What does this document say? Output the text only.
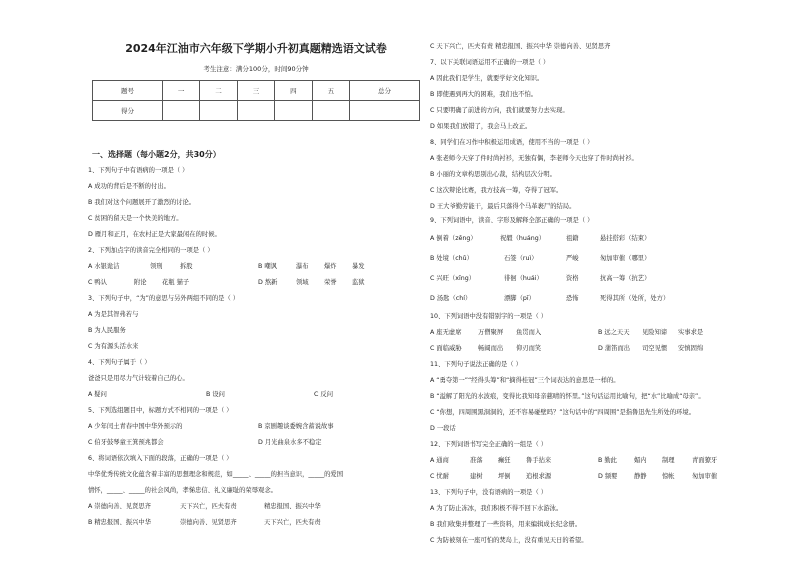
2024年江油市六年级下学期小升初真题精选语文试卷
考生注意：满分100分，时间90分钟
题号	一	二	三	四	五	总分
得分						
一、选择题（每小题2分，共30分）
1、下列句子中有语病的一项是（ ）
A 成功的背后是不断的付出。
B 我们对这个问题展开了激烈的讨论。
C 贫困的留天是一个快美的地方。
D 雁月和正月，在农村正是大家最闲在的时候。
2、下列加点字的读音完全相同的一项是（ ）
A 水银诡洁	领刑	拆股	B 嘲讽	瀑布 爆炸 暴发
C 鸭认	附论 花瓶 猫子	D 熬新	领域 荣誉 监狱
3、下列句子中，“为”的意思与另外两组不同的是（ ）
A 为是其智弗若与
B 为人民服务
C 为有源头活水来
4、下列句子属于（ ）
爸爸只是用尽力气计较着自己的心。
A 疑问	B 设问	C 反问
5、下列选组题目中，标题方式不相同的一项是（ ）
A 少年闰土青春中国中华外预示的	B 京剧趣谈委婉含蓄说故事
C 伯牙鼓琴童王箕预兆都会	D 月光曲泉水多不稳定
6、将词语依次填入下面的段落，正确的一项是（ ）
中华优秀传统文化蕴含着丰富的思想理念和规范，如_____、_____的担当意识，_____的爱国
情怀，_____、_____的社会风尚，孝悌忠信、礼义廉耻的荣辱观念。
A 崇德向善、见贤思齐	天下兴亡，匹夫有责	精忠报国、振兴中华
B 精忠报国、振兴中华	崇德向善、见贤思齐	天下兴亡，匹夫有责
C 天下兴亡，匹夫有责 精忠报国、振兴中华 崇德向善、见贤思齐
7、以下关联词语运用不正确的一项是（ ）
A 因此我们是学生，就要学好文化知识。
B 即使遇到再大的困难，我们也不怕。
C 只要明确了前进的方向，我们就要努力去实现。
D 如果我们放错了，我会马上改正。
8、同学们在习作中积极运用成语，使用不当的一项是（ ）
A 张老师今天穿了件时尚衬衫，无独有偶，李老师今天也穿了件时尚衬衫。
B 小丽的文章构思别出心裁，结构层次分明。
C 这次辩论比赛，我方技高一筹，夺得了冠军。
D 王大爷勤劳能干，最后只落得个马革裹尸的结局。
9、下列词语中，读音、字形及解释全部正确的一项是（ ）
A 倒着（zēng）	祝嘏（huáng）	祖籍	悬挂搭彩（结束）
B 处境（chǔ）	石签（ruì）	严峻	匆加审催（哪里）
C 兴旺（xīng）	徘徊（huái）	资格	抗高一筹（抗艺）
D 汤匙（chí）	漂脚（pī）	恐怖	死得其所（处所，处方）
10、下列词语中没有错别字的一项是（ ）
A 座无虚席	万僧聚屏 鱼贯而入	B 远之天天 见险知谛 实事求是
C 面临威胁	畅阔而出 仰刃而笑	D 蒲笛而出 司空见惯 安慎固绵
11、下列句子说法正确的是（ ）
A “勇夺第一”“经得头筹”和“摘得桂冠”三个词表达的意思是一样的。
B “溢解了阳光的水波痕，变得比我知母亲慈晴的怀里。”这句话运用比喻句，把“水”比喻成“母亲”。
C “你想，四周围黑洞洞的，还不容易碰壁吗？”这句话中的“四周围”是指鲁迅先生所处的环境。
D 一段话
12、下列词语书写完全正确的一组是（ ）
A 通商	准落 癫狂 鲁手拈来	B 勤此	媚内 制理	青面獠牙
C 忧耐	建树 坪倒 追根求源	D 频婴	静静 惊帐	匆加审催
13、下列句子中，没有语病的一项是（ ）
A 为了防止冻冰，我们积极不得不回下水游泳。
B 我们收集并整理了一些资料，用来编辑成长纪念册。
C 为防被刻在一座可怕的焚岛上，没有重见天日的希望。
